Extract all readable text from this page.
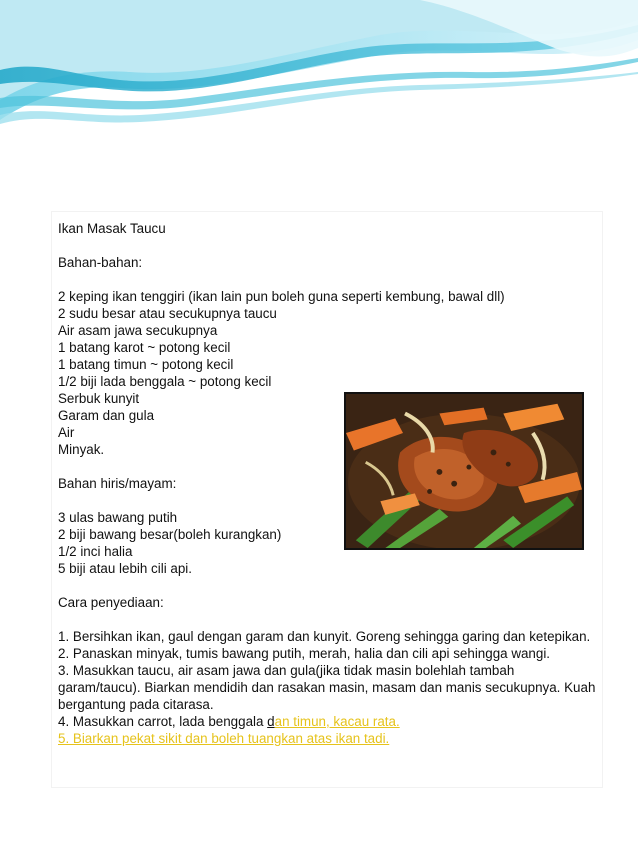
Ikan Masak Taucu
Bahan-bahan:
2 keping ikan tenggiri (ikan lain pun boleh guna seperti kembung, bawal dll)
2 sudu besar atau secukupnya taucu
Air asam jawa secukupnya
1 batang karot ~ potong kecil
1 batang timun ~ potong kecil
1/2 biji lada benggala ~ potong kecil
Serbuk kunyit
Garam dan gula
Air
Minyak.
Bahan hiris/mayam:
3 ulas bawang putih
2 biji bawang besar(boleh kurangkan)
1/2 inci halia
5 biji atau lebih cili api.
Cara penyediaan:
1. Bersihkan ikan, gaul dengan garam dan kunyit. Goreng sehingga garing dan ketepikan.
2. Panaskan minyak, tumis bawang putih, merah, halia dan cili api sehingga wangi.
3. Masukkan taucu, air asam jawa dan gula(jika tidak masin bolehlah tambah garam/taucu). Biarkan mendidih dan rasakan masin, masam dan manis secukupnya. Kuah bergantung pada citarasa.
4. Masukkan carrot, lada benggala dan timun, kacau rata.
5. Biarkan pekat sikit dan boleh tuangkan atas ikan tadi.
